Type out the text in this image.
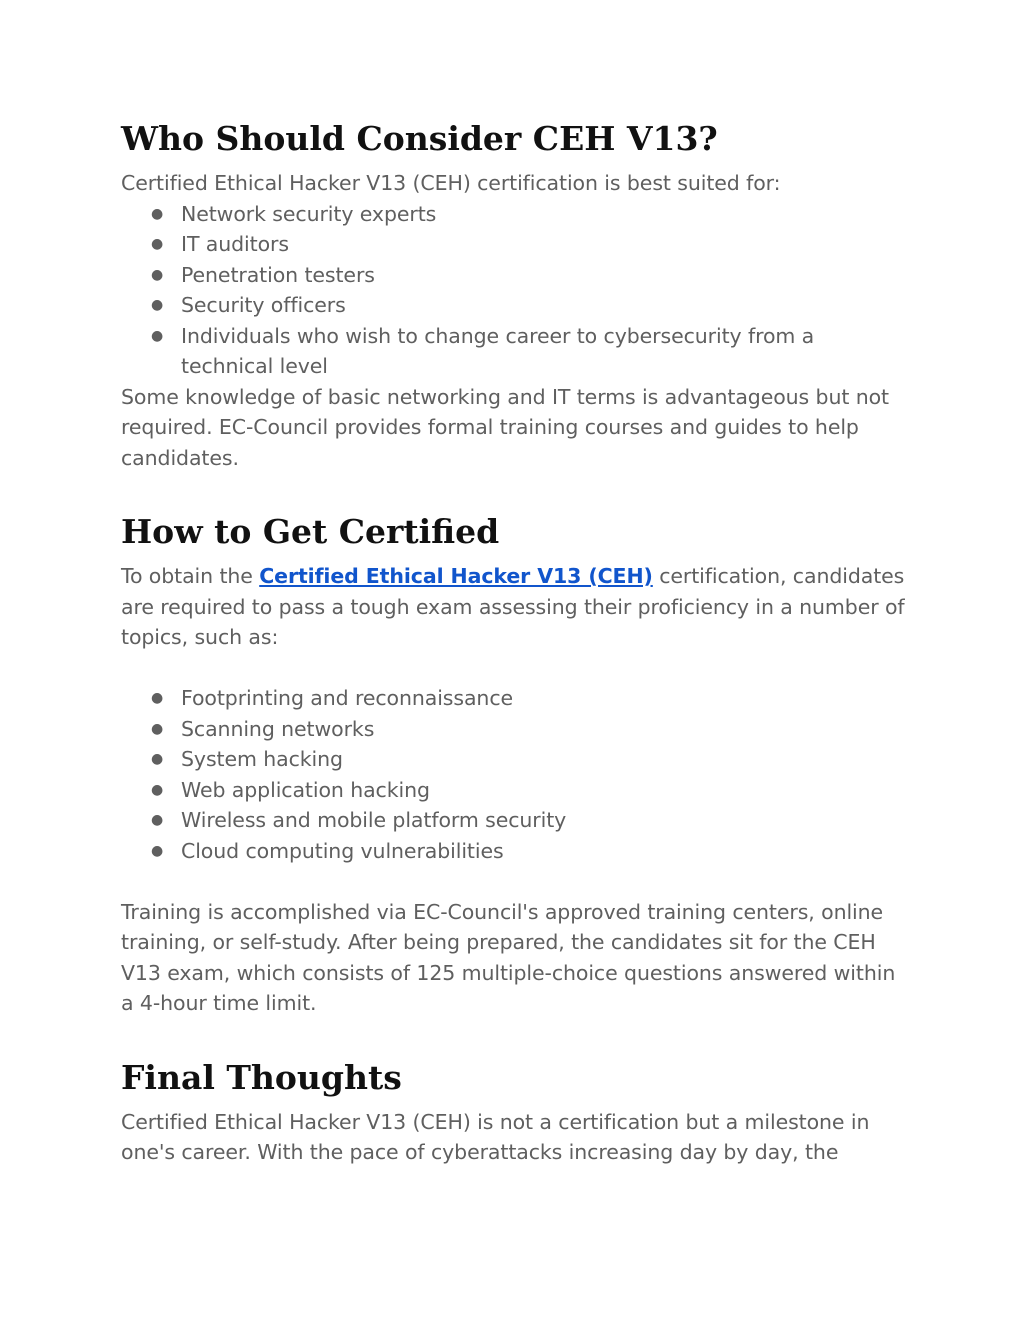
Who Should Consider CEH V13?

Certified Ethical Hacker V13 (CEH) certification is best suited for:

● Network security experts
● IT auditors
● Penetration testers
● Security officers
● Individuals who wish to change career to cybersecurity from a technical level

Some knowledge of basic networking and IT terms is advantageous but not required. EC-Council provides formal training courses and guides to help candidates.

How to Get Certified

To obtain the Certified Ethical Hacker V13 (CEH) certification, candidates are required to pass a tough exam assessing their proficiency in a number of topics, such as:

● Footprinting and reconnaissance
● Scanning networks
● System hacking
● Web application hacking
● Wireless and mobile platform security
● Cloud computing vulnerabilities

Training is accomplished via EC-Council's approved training centers, online training, or self-study. After being prepared, the candidates sit for the CEH V13 exam, which consists of 125 multiple-choice questions answered within a 4-hour time limit.

Final Thoughts

Certified Ethical Hacker V13 (CEH) is not a certification but a milestone in one's career. With the pace of cyberattacks increasing day by day, the
